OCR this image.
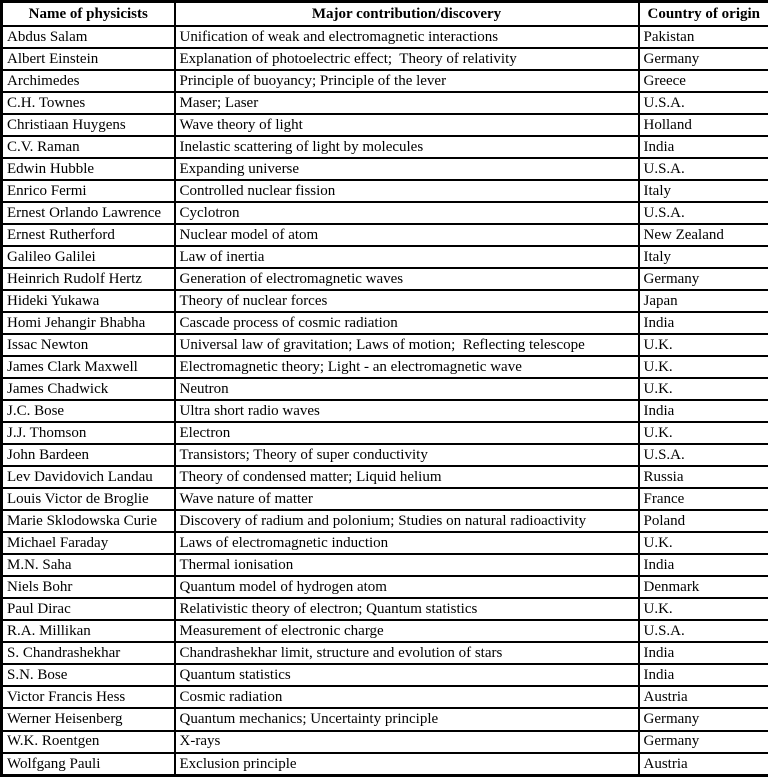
Name of physicists	Major contribution/discovery	Country of origin
Abdus Salam	Unification of weak and electromagnetic interactions	Pakistan
Albert Einstein	Explanation of photoelectric effect;  Theory of relativity	Germany
Archimedes	Principle of buoyancy; Principle of the lever	Greece
C.H. Townes	Maser; Laser	U.S.A.
Christiaan Huygens	Wave theory of light	Holland
C.V. Raman	Inelastic scattering of light by molecules	India
Edwin Hubble	Expanding universe	U.S.A.
Enrico Fermi	Controlled nuclear fission	Italy
Ernest Orlando Lawrence	Cyclotron	U.S.A.
Ernest Rutherford	Nuclear model of atom	New Zealand
Galileo Galilei	Law of inertia	Italy
Heinrich Rudolf Hertz	Generation of electromagnetic waves	Germany
Hideki Yukawa	Theory of nuclear forces	Japan
Homi Jehangir Bhabha	Cascade process of cosmic radiation	India
Issac Newton	Universal law of gravitation; Laws of motion;  Reflecting telescope	U.K.
James Clark Maxwell	Electromagnetic theory; Light - an electromagnetic wave	U.K.
James Chadwick	Neutron	U.K.
J.C. Bose	Ultra short radio waves	India
J.J. Thomson	Electron	U.K.
John Bardeen	Transistors; Theory of super conductivity	U.S.A.
Lev Davidovich Landau	Theory of condensed matter; Liquid helium	Russia
Louis Victor de Broglie	Wave nature of matter	France
Marie Sklodowska Curie	Discovery of radium and polonium; Studies on natural radioactivity	Poland
Michael Faraday	Laws of electromagnetic induction	U.K.
M.N. Saha	Thermal ionisation	India
Niels Bohr	Quantum model of hydrogen atom	Denmark
Paul Dirac	Relativistic theory of electron; Quantum statistics	U.K.
R.A. Millikan	Measurement of electronic charge	U.S.A.
S. Chandrashekhar	Chandrashekhar limit, structure and evolution of stars	India
S.N. Bose	Quantum statistics	India
Victor Francis Hess	Cosmic radiation	Austria
Werner Heisenberg	Quantum mechanics; Uncertainty principle	Germany
W.K. Roentgen	X-rays	Germany
Wolfgang Pauli	Exclusion principle	Austria
